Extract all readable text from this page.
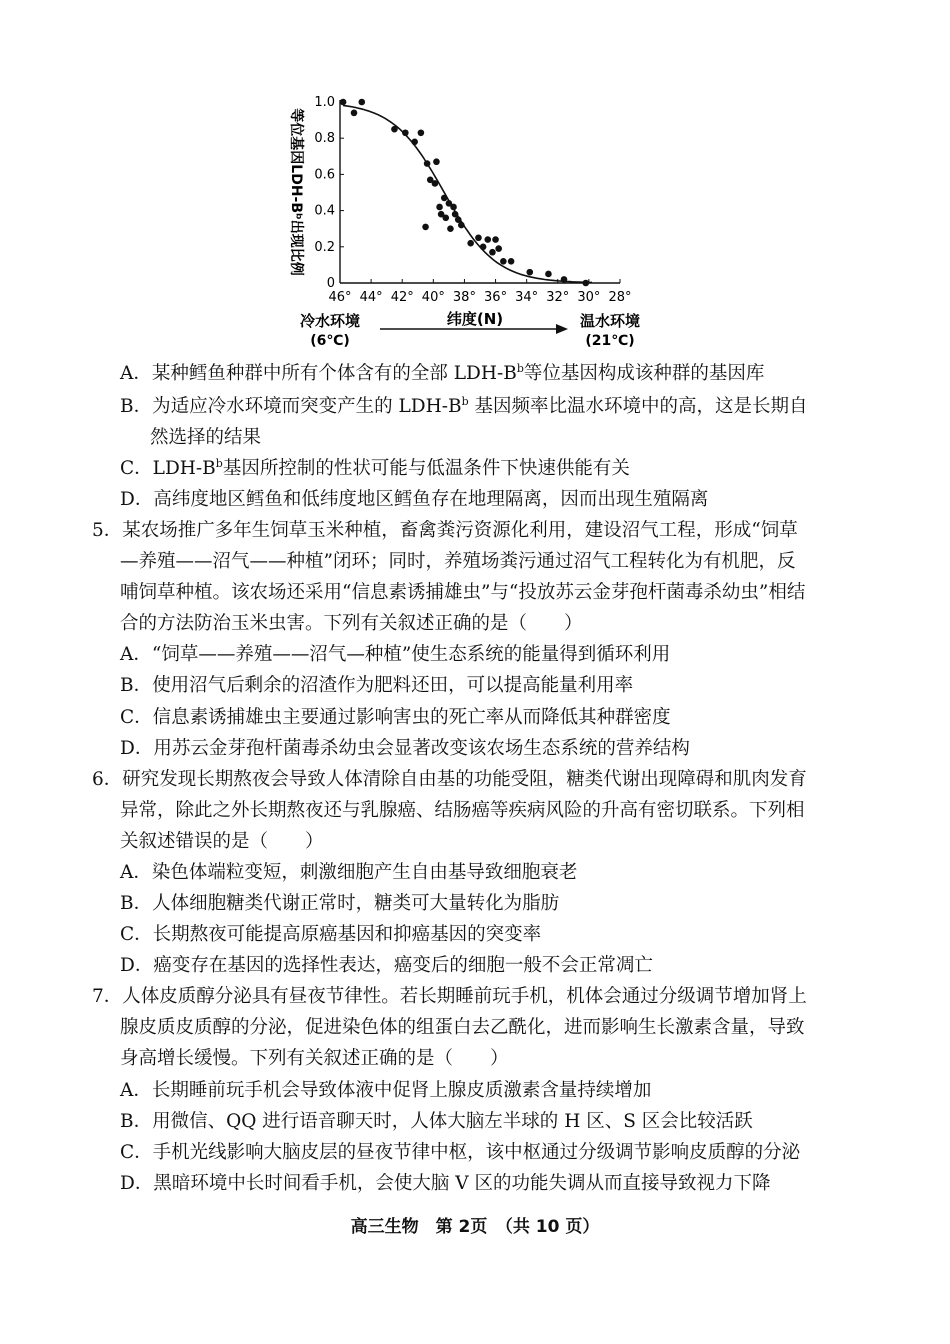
46° 44° 42° 40° 38° 36° 34° 32° 30° 28°
0
0.2
0.4
0.6
0.8
1.0
等位基因LDH-Bᵇ出现比例
冷水环境
(6℃)
纬度(N)	温水环境
(21℃)
A．某种鳕鱼种群中所有个体含有的全部 LDH-$B^b$等位基因构成该种群的基因库
B．为适应冷水环境而突变产生的 LDH-$B^b$ 基因频率比温水环境中的高，这是长期自
然选择的结果
C．LDH-$B^b$基因所控制的性状可能与低温条件下快速供能有关
D．高纬度地区鳕鱼和低纬度地区鳕鱼存在地理隔离，因而出现生殖隔离
5．某农场推广多年生饲草玉米种植，畜禽粪污资源化利用，建设沼气工程，形成“饲草
—养殖——沼气——种植”闭环；同时，养殖场粪污通过沼气工程转化为有机肥，反
哺饲草种植。该农场还采用“信息素诱捕雄虫”与“投放苏云金芽孢杆菌毒杀幼虫”相结
合的方法防治玉米虫害。下列有关叙述正确的是（　　）
A．“饲草——养殖——沼气—种植”使生态系统的能量得到循环利用
B．使用沼气后剩余的沼渣作为肥料还田，可以提高能量利用率
C．信息素诱捕雄虫主要通过影响害虫的死亡率从而降低其种群密度
D．用苏云金芽孢杆菌毒杀幼虫会显著改变该农场生态系统的营养结构
6．研究发现长期熬夜会导致人体清除自由基的功能受阻，糖类代谢出现障碍和肌肉发育
异常，除此之外长期熬夜还与乳腺癌、结肠癌等疾病风险的升高有密切联系。下列相
关叙述错误的是（　　）
A．染色体端粒变短，刺激细胞产生自由基导致细胞衰老
B．人体细胞糖类代谢正常时，糖类可大量转化为脂肪
C．长期熬夜可能提高原癌基因和抑癌基因的突变率
D．癌变存在基因的选择性表达，癌变后的细胞一般不会正常凋亡
7．人体皮质醇分泌具有昼夜节律性。若长期睡前玩手机，机体会通过分级调节增加肾上
腺皮质皮质醇的分泌，促进染色体的组蛋白去乙酰化，进而影响生长激素含量，导致
身高增长缓慢。下列有关叙述正确的是（　　）
A．长期睡前玩手机会导致体液中促肾上腺皮质激素含量持续增加
B．用微信、QQ 进行语音聊天时，人体大脑左半球的 H 区、S 区会比较活跃
C．手机光线影响大脑皮层的昼夜节律中枢，该中枢通过分级调节影响皮质醇的分泌
D．黑暗环境中长时间看手机，会使大脑 V 区的功能失调从而直接导致视力下降
高三生物　第 2页　（共 10 页）
